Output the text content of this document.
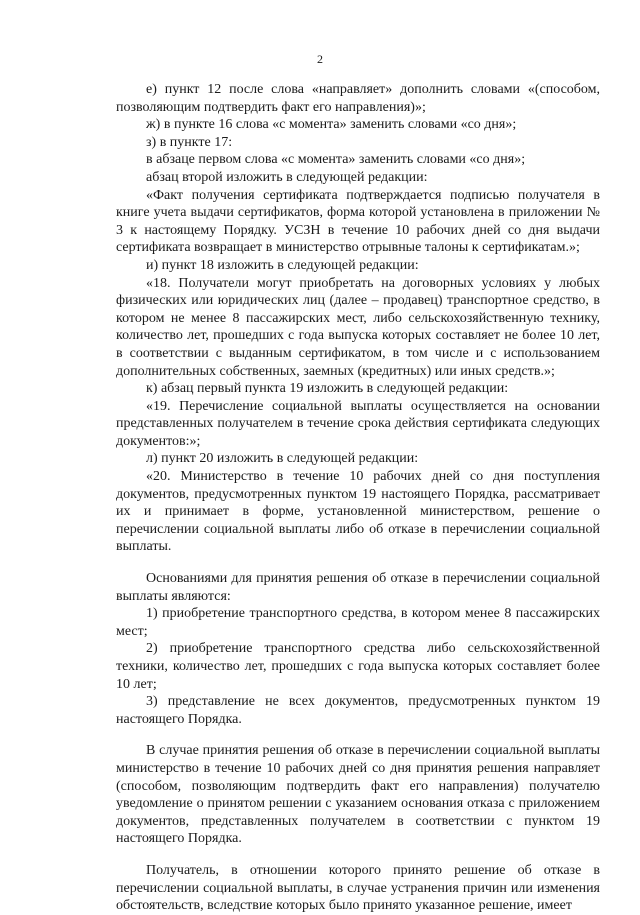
2

е) пункт 12 после слова «направляет» дополнить словами «(способом, позволяющим подтвердить факт его направления)»;

ж) в пункте 16 слова «с момента» заменить словами «со дня»;

з) в пункте 17:

в абзаце первом слова «с момента» заменить словами «со дня»;

абзац второй изложить в следующей редакции:

«Факт получения сертификата подтверждается подписью получателя в книге учета выдачи сертификатов, форма которой установлена в приложении № 3 к настоящему Порядку. УСЗН в течение 10 рабочих дней со дня выдачи сертификата возвращает в министерство отрывные талоны к сертификатам.»;

и) пункт 18 изложить в следующей редакции:

«18. Получатели могут приобретать на договорных условиях у любых физических или юридических лиц (далее – продавец) транспортное средство, в котором не менее 8 пассажирских мест, либо сельскохозяйственную технику, количество лет, прошедших с года выпуска которых составляет не более 10 лет, в соответствии с выданным сертификатом, в том числе и с использованием дополнительных собственных, заемных (кредитных) или иных средств.»;

к) абзац первый пункта 19 изложить в следующей редакции:

«19. Перечисление социальной выплаты осуществляется на основании представленных получателем в течение срока действия сертификата следующих документов:»;

л) пункт 20 изложить в следующей редакции:

«20. Министерство в течение 10 рабочих дней со дня поступления документов, предусмотренных пунктом 19 настоящего Порядка, рассматривает их и принимает в форме, установленной министерством, решение о перечислении социальной выплаты либо об отказе в перечислении социальной выплаты.

Основаниями для принятия решения об отказе в перечислении социальной выплаты являются:

1) приобретение транспортного средства, в котором менее 8 пассажирских мест;

2) приобретение транспортного средства либо сельскохозяйственной техники, количество лет, прошедших с года выпуска которых составляет более 10 лет;

3) представление не всех документов, предусмотренных пунктом 19 настоящего Порядка.

В случае принятия решения об отказе в перечислении социальной выплаты министерство в течение 10 рабочих дней со дня принятия решения направляет (способом, позволяющим подтвердить факт его направления) получателю уведомление о принятом решении с указанием основания отказа с приложением документов, представленных получателем в соответствии с пунктом 19 настоящего Порядка.

Получатель, в отношении которого принято решение об отказе в перечислении социальной выплаты, в случае устранения причин или изменения обстоятельств, вследствие которых было принято указанное решение, имеет
